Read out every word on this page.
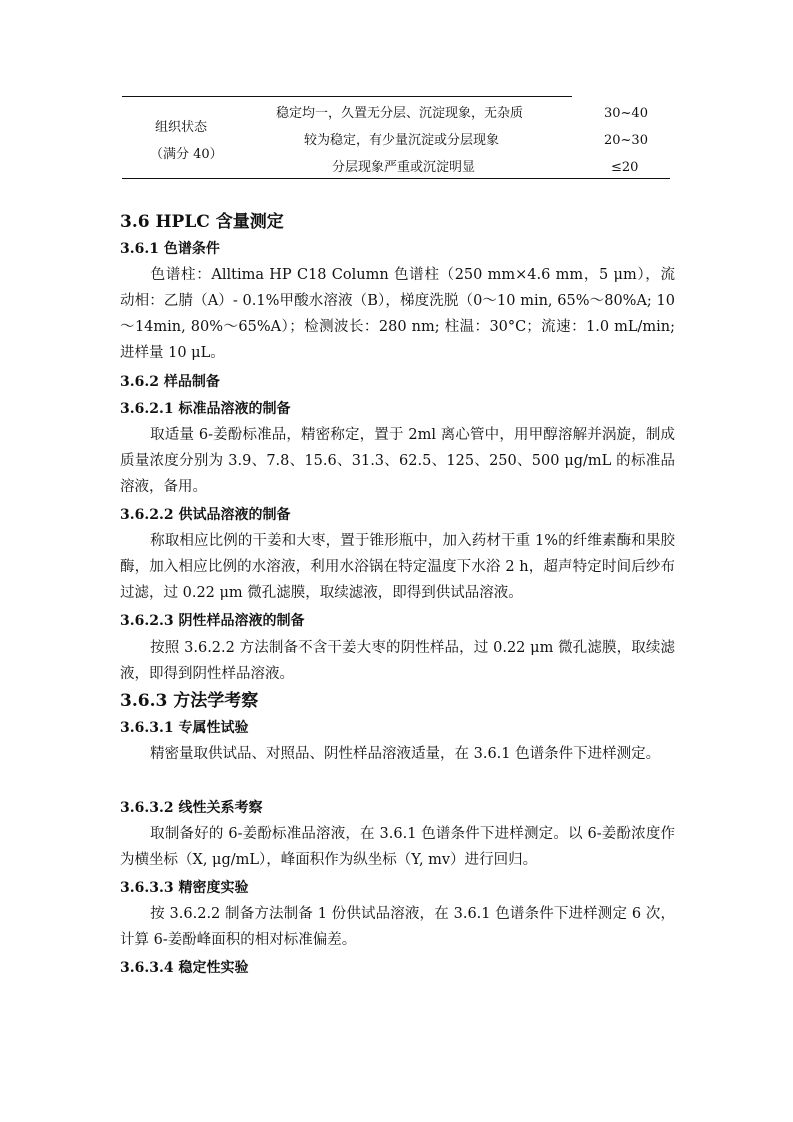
组织状态
（满分 40）
稳定均一，久置无分层、沉淀现象，无杂质	30~40
较为稳定，有少量沉淀或分层现象	20~30
分层现象严重或沉淀明显	≤20
3.6 HPLC 含量测定
3.6.1 色谱条件

色谱柱：Alltima HP C18 Column 色谱柱（250 mm×4.6 mm，5 μm），流动相：乙腈（A）- 0.1%甲酸水溶液（B），梯度洗脱（0～10 min, 65%～80%A; 10～14min, 80%～65%A）；检测波长：280 nm; 柱温：30°C；流速：1.0 mL/min; 进样量 10 μL。

3.6.2 样品制备
3.6.2.1 标准品溶液的制备

取适量 6-姜酚标准品，精密称定，置于 2ml 离心管中，用甲醇溶解并涡旋，制成质量浓度分别为 3.9、7.8、15.6、31.3、62.5、125、250、500 μg/mL 的标准品溶液，备用。

3.6.2.2 供试品溶液的制备

称取相应比例的干姜和大枣，置于锥形瓶中，加入药材干重 1%的纤维素酶和果胶酶，加入相应比例的水溶液，利用水浴锅在特定温度下水浴 2 h，超声特定时间后纱布过滤，过 0.22 μm 微孔滤膜，取续滤液，即得到供试品溶液。

3.6.2.3 阴性样品溶液的制备

按照 3.6.2.2 方法制备不含干姜大枣的阴性样品，过 0.22 μm 微孔滤膜，取续滤液，即得到阴性样品溶液。

3.6.3 方法学考察
3.6.3.1 专属性试验

精密量取供试品、对照品、阴性样品溶液适量，在 3.6.1 色谱条件下进样测定。

3.6.3.2 线性关系考察

取制备好的 6-姜酚标准品溶液，在 3.6.1 色谱条件下进样测定。以 6-姜酚浓度作为横坐标（X, μg/mL），峰面积作为纵坐标（Y, mv）进行回归。

3.6.3.3 精密度实验

按 3.6.2.2 制备方法制备 1 份供试品溶液，在 3.6.1 色谱条件下进样测定 6 次，计算 6-姜酚峰面积的相对标准偏差。

3.6.3.4 稳定性实验
